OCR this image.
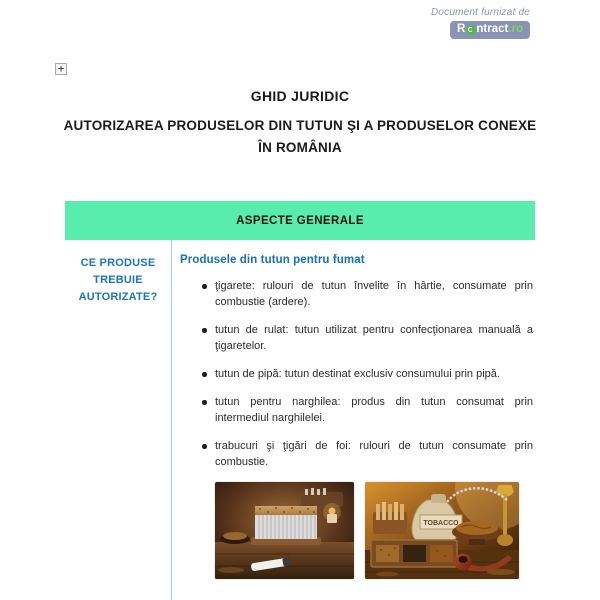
Document furnizat de
R ntract .ro
+
GHID JURIDIC
AUTORIZAREA PRODUSELOR DIN TUTUN ŞI A PRODUSELOR CONEXE ÎN ROMÂNIA
ASPECTE GENERALE
CE PRODUSE TREBUIE AUTORIZATE?

Produsele din tutun pentru fumat

ţigarete: rulouri de tutun învelite în hârtie, consumate prin combustie (ardere).
tutun de rulat: tutun utilizat pentru confecţionarea manuală a ţigaretelor.
tutun de pipă: tutun destinat exclusiv consumului prin pipă.
tutun pentru narghilea: produs din tutun consumat prin intermediul narghilelei.
trabucuri şi ţigări de foi: rulouri de tutun consumate prin combustie.
TOBACCO
